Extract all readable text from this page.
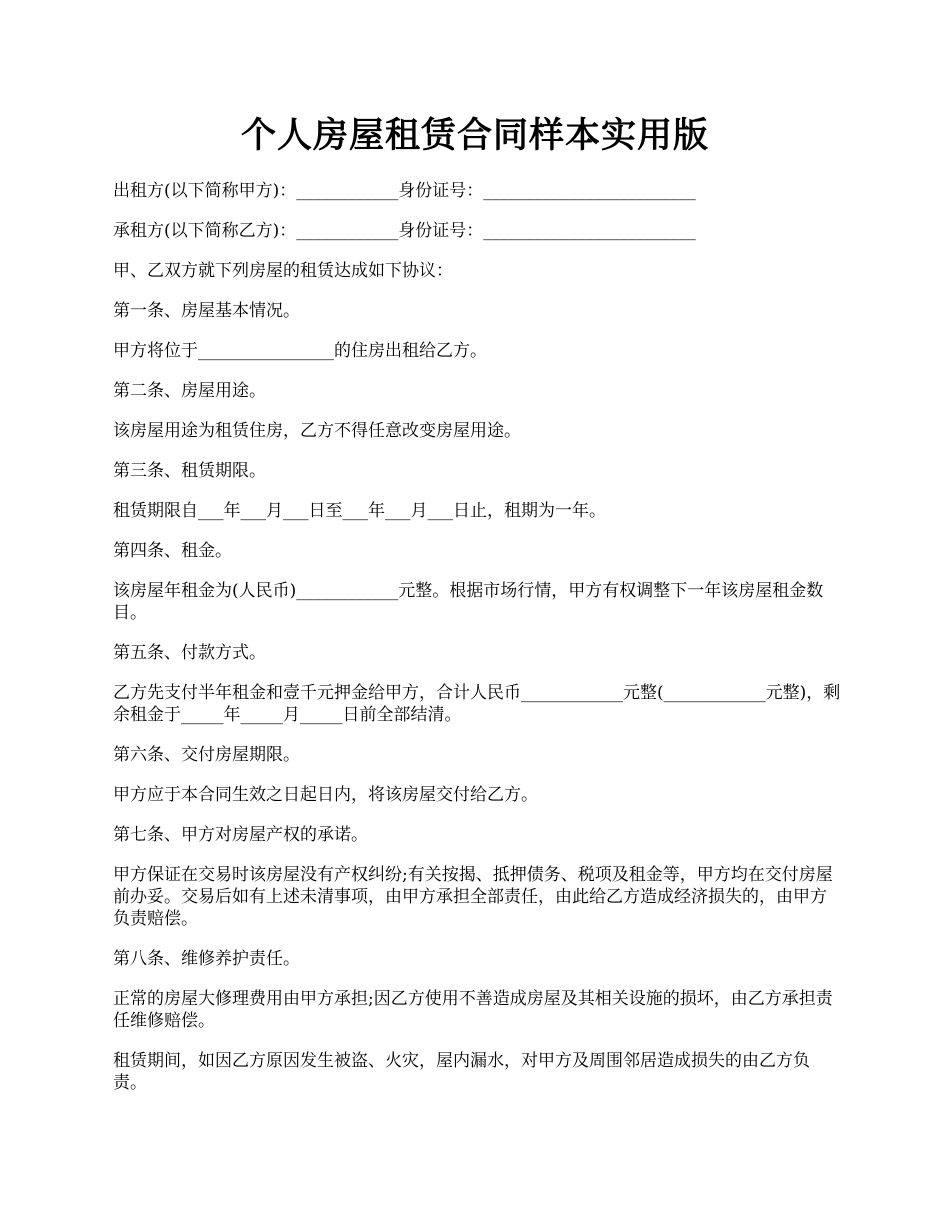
个人房屋租赁合同样本实用版

出租方(以下简称甲方)：____________身份证号：_________________________

承租方(以下简称乙方)：____________身份证号：_________________________

甲、乙双方就下列房屋的租赁达成如下协议：

第一条、房屋基本情况。

甲方将位于________________的住房出租给乙方。

第二条、房屋用途。

该房屋用途为租赁住房，乙方不得任意改变房屋用途。

第三条、租赁期限。

租赁期限自___年___月___日至___年___月___日止，租期为一年。

第四条、租金。

该房屋年租金为(人民币)____________元整。根据市场行情，甲方有权调整下一年该房屋租金数目。

第五条、付款方式。

乙方先支付半年租金和壹千元押金给甲方，合计人民币____________元整(____________元整)，剩余租金于_____年_____月_____日前全部结清。

第六条、交付房屋期限。

甲方应于本合同生效之日起日内，将该房屋交付给乙方。

第七条、甲方对房屋产权的承诺。

甲方保证在交易时该房屋没有产权纠纷;有关按揭、抵押债务、税项及租金等，甲方均在交付房屋前办妥。交易后如有上述未清事项，由甲方承担全部责任，由此给乙方造成经济损失的，由甲方负责赔偿。

第八条、维修养护责任。

正常的房屋大修理费用由甲方承担;因乙方使用不善造成房屋及其相关设施的损坏，由乙方承担责任维修赔偿。

租赁期间，如因乙方原因发生被盗、火灾，屋内漏水，对甲方及周围邻居造成损失的由乙方负责。
